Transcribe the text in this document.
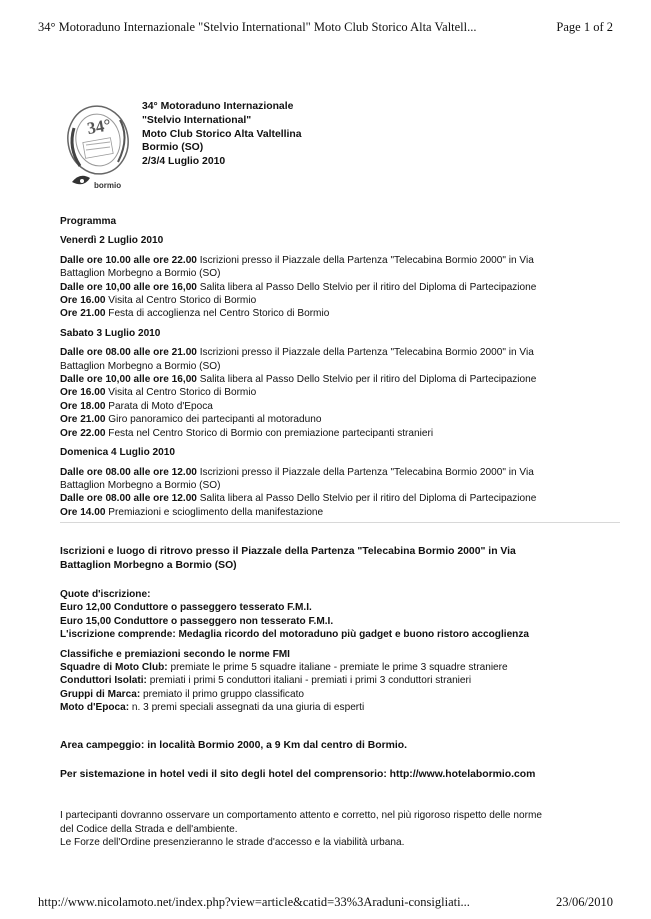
34° Motoraduno Internazionale "Stelvio International" Moto Club Storico Alta Valtell...	Page 1 of 2
34°
bormio
34° Motoraduno Internazionale
"Stelvio International"
Moto Club Storico Alta Valtellina
Bormio (SO)
2/3/4 Luglio 2010
Programma
Venerdì 2 Luglio 2010
Dalle ore 10.00 alle ore 22.00 Iscrizioni presso il Piazzale della Partenza "Telecabina Bormio 2000" in Via
Battaglion Morbegno a Bormio (SO)
Dalle ore 10,00 alle ore 16,00 Salita libera al Passo Dello Stelvio per il ritiro del Diploma di Partecipazione
Ore 16.00 Visita al Centro Storico di Bormio
Ore 21.00 Festa di accoglienza nel Centro Storico di Bormio
Sabato 3 Luglio 2010
Dalle ore 08.00 alle ore 21.00 Iscrizioni presso il Piazzale della Partenza "Telecabina Bormio 2000" in Via
Battaglion Morbegno a Bormio (SO)
Dalle ore 10,00 alle ore 16,00 Salita libera al Passo Dello Stelvio per il ritiro del Diploma di Partecipazione
Ore 16.00 Visita al Centro Storico di Bormio
Ore 18.00 Parata di Moto d'Epoca
Ore 21.00 Giro panoramico dei partecipanti al motoraduno
Ore 22.00 Festa nel Centro Storico di Bormio con premiazione partecipanti stranieri
Domenica 4 Luglio 2010
Dalle ore 08.00 alle ore 12.00 Iscrizioni presso il Piazzale della Partenza "Telecabina Bormio 2000" in Via
Battaglion Morbegno a Bormio (SO)
Dalle ore 08.00 alle ore 12.00 Salita libera al Passo Dello Stelvio per il ritiro del Diploma di Partecipazione
Ore 14.00 Premiazioni e scioglimento della manifestazione
Iscrizioni e luogo di ritrovo presso il Piazzale della Partenza "Telecabina Bormio 2000" in Via
Battaglion Morbegno a Bormio (SO)
Quote d'iscrizione:
Euro 12,00 Conduttore o passeggero tesserato F.M.I.
Euro 15,00 Conduttore o passeggero non tesserato F.M.I.
L'iscrizione comprende: Medaglia ricordo del motoraduno più gadget e buono ristoro accoglienza
Classifiche e premiazioni secondo le norme FMI
Squadre di Moto Club: premiate le prime 5 squadre italiane - premiate le prime 3 squadre straniere
Conduttori Isolati: premiati i primi 5 conduttori italiani - premiati i primi 3 conduttori stranieri
Gruppi di Marca: premiato il primo gruppo classificato
Moto d'Epoca: n. 3 premi speciali assegnati da una giuria di esperti
Area campeggio: in località Bormio 2000, a 9 Km dal centro di Bormio.
Per sistemazione in hotel vedi il sito degli hotel del comprensorio: http://www.hotelabormio.com
I partecipanti dovranno osservare un comportamento attento e corretto, nel più rigoroso rispetto delle norme
del Codice della Strada e dell'ambiente.
Le Forze dell'Ordine presenzieranno le strade d'accesso e la viabilità urbana.
http://www.nicolamoto.net/index.php?view=article&catid=33%3Araduni-consigliati...	23/06/2010
